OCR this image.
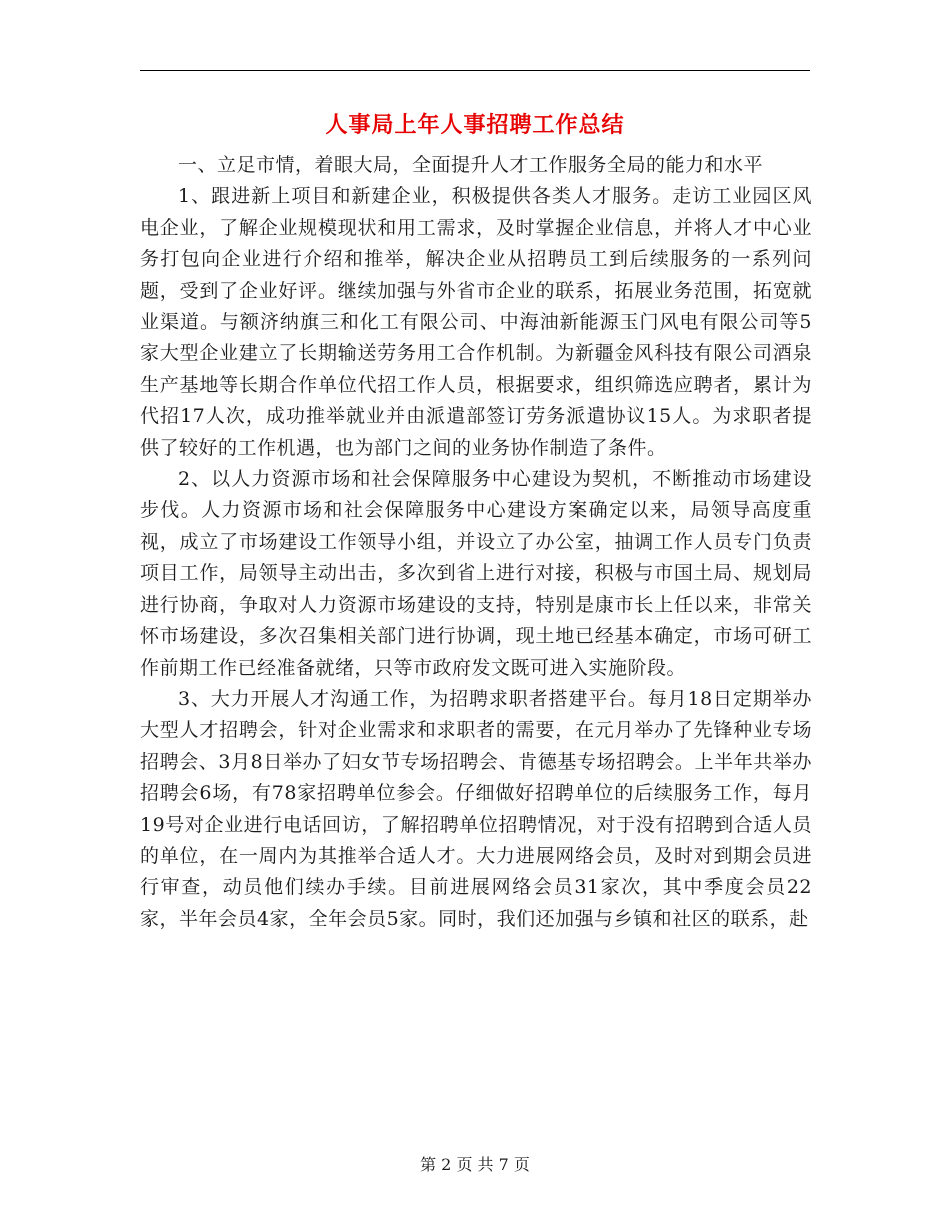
人事局上年人事招聘工作总结

一、立足市情，着眼大局，全面提升人才工作服务全局的能力和水平

1、跟进新上项目和新建企业，积极提供各类人才服务。走访工业园区风电企业，了解企业规模现状和用工需求，及时掌握企业信息，并将人才中心业务打包向企业进行介绍和推举，解决企业从招聘员工到后续服务的一系列问题，受到了企业好评。继续加强与外省市企业的联系，拓展业务范围，拓宽就业渠道。与额济纳旗三和化工有限公司、中海油新能源玉门风电有限公司等5家大型企业建立了长期输送劳务用工合作机制。为新疆金风科技有限公司酒泉生产基地等长期合作单位代招工作人员，根据要求，组织筛选应聘者，累计为代招17人次，成功推举就业并由派遣部签订劳务派遣协议15人。为求职者提供了较好的工作机遇，也为部门之间的业务协作制造了条件。

2、以人力资源市场和社会保障服务中心建设为契机，不断推动市场建设步伐。人力资源市场和社会保障服务中心建设方案确定以来，局领导高度重视，成立了市场建设工作领导小组，并设立了办公室，抽调工作人员专门负责项目工作，局领导主动出击，多次到省上进行对接，积极与市国土局、规划局进行协商，争取对人力资源市场建设的支持，特别是康市长上任以来，非常关怀市场建设，多次召集相关部门进行协调，现土地已经基本确定，市场可研工作前期工作已经准备就绪，只等市政府发文既可进入实施阶段。

3、大力开展人才沟通工作，为招聘求职者搭建平台。每月18日定期举办大型人才招聘会，针对企业需求和求职者的需要，在元月举办了先锋种业专场招聘会、3月8日举办了妇女节专场招聘会、肯德基专场招聘会。上半年共举办招聘会6场，有78家招聘单位参会。仔细做好招聘单位的后续服务工作，每月19号对企业进行电话回访，了解招聘单位招聘情况，对于没有招聘到合适人员的单位，在一周内为其推举合适人才。大力进展网络会员，及时对到期会员进行审查，动员他们续办手续。目前进展网络会员31家次，其中季度会员22家，半年会员4家，全年会员5家。同时，我们还加强与乡镇和社区的联系，赴

第 2 页 共 7 页
